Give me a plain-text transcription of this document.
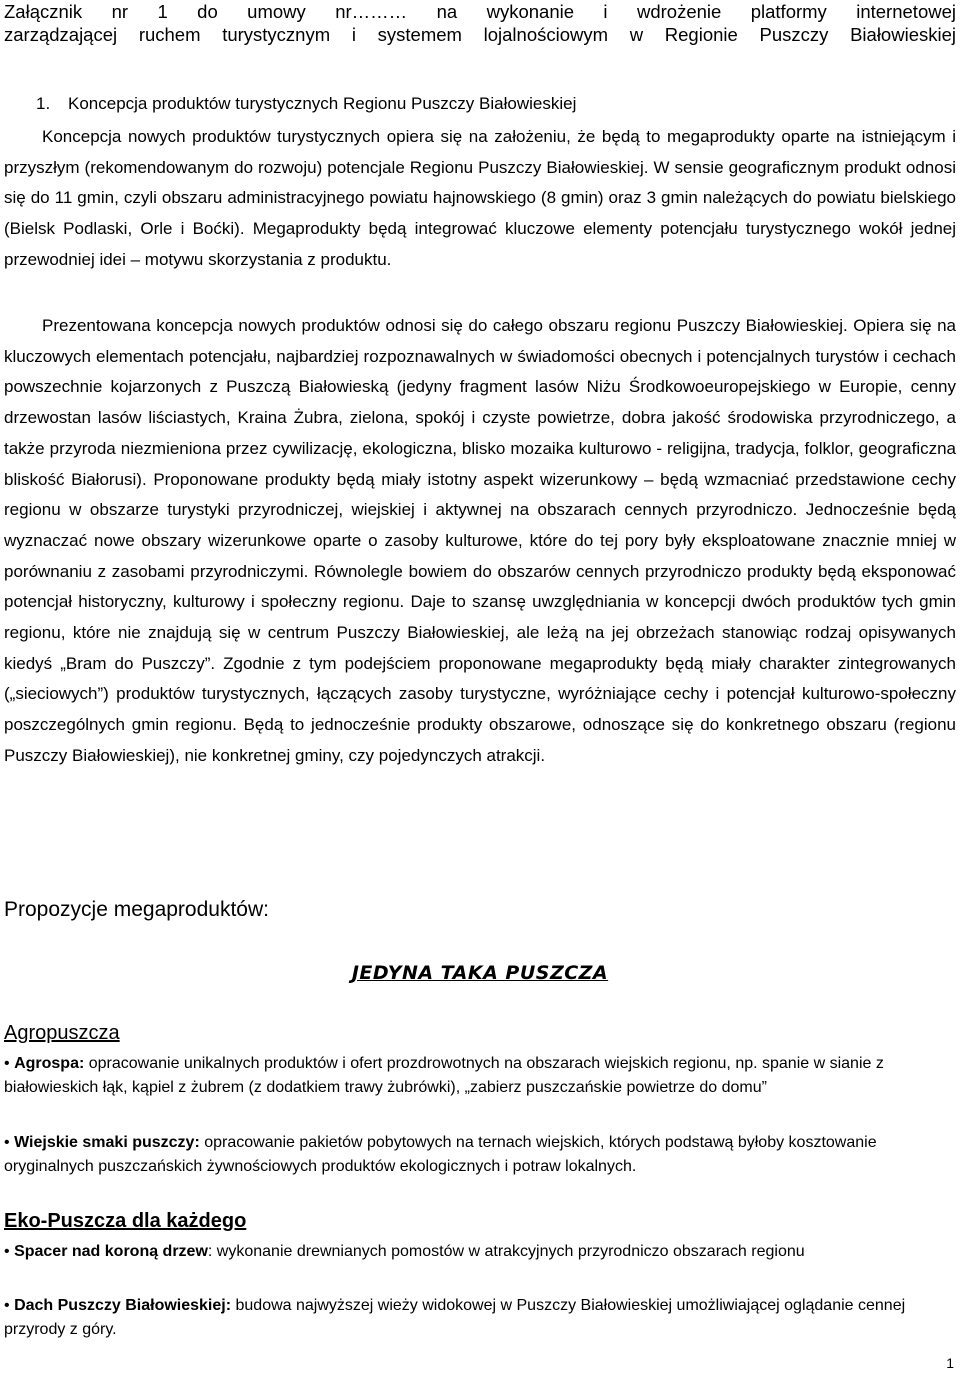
Załącznik nr 1 do umowy nr……… na wykonanie i wdrożenie platformy internetowej
zarządzającej ruchem turystycznym i systemem lojalnościowym w Regionie Puszczy Białowieskiej
1. Koncepcja produktów turystycznych Regionu Puszczy Białowieskiej
Koncepcja nowych produktów turystycznych opiera się na założeniu, że będą to megaprodukty oparte na istniejącym i przyszłym (rekomendowanym do rozwoju) potencjale Regionu Puszczy Białowieskiej. W sensie geograficznym produkt odnosi się do 11 gmin, czyli obszaru administracyjnego powiatu hajnowskiego (8 gmin) oraz 3 gmin należących do powiatu bielskiego (Bielsk Podlaski, Orle i Boćki). Megaprodukty będą integrować kluczowe elementy potencjału turystycznego wokół jednej przewodniej idei – motywu skorzystania z produktu.
Prezentowana koncepcja nowych produktów odnosi się do całego obszaru regionu Puszczy Białowieskiej. Opiera się na kluczowych elementach potencjału, najbardziej rozpoznawalnych w świadomości obecnych i potencjalnych turystów i cechach powszechnie kojarzonych z Puszczą Białowieską (jedyny fragment lasów Niżu Środkowoeuropejskiego w Europie, cenny drzewostan lasów liściastych, Kraina Żubra, zielona, spokój i czyste powietrze, dobra jakość środowiska przyrodniczego, a także przyroda niezmieniona przez cywilizację, ekologiczna, blisko mozaika kulturowo - religijna, tradycja, folklor, geograficzna bliskość Białorusi). Proponowane produkty będą miały istotny aspekt wizerunkowy – będą wzmacniać przedstawione cechy regionu w obszarze turystyki przyrodniczej, wiejskiej i aktywnej na obszarach cennych przyrodniczo. Jednocześnie będą wyznaczać nowe obszary wizerunkowe oparte o zasoby kulturowe, które do tej pory były eksploatowane znacznie mniej w porównaniu z zasobami przyrodniczymi. Równolegle bowiem do obszarów cennych przyrodniczo produkty będą eksponować potencjał historyczny, kulturowy i społeczny regionu. Daje to szansę uwzględniania w koncepcji dwóch produktów tych gmin regionu, które nie znajdują się w centrum Puszczy Białowieskiej, ale leżą na jej obrzeżach stanowiąc rodzaj opisywanych kiedyś „Bram do Puszczy”. Zgodnie z tym podejściem proponowane megaprodukty będą miały charakter zintegrowanych („sieciowych”) produktów turystycznych, łączących zasoby turystyczne, wyróżniające cechy i potencjał kulturowo-społeczny poszczególnych gmin regionu. Będą to jednocześnie produkty obszarowe, odnoszące się do konkretnego obszaru (regionu Puszczy Białowieskiej), nie konkretnej gminy, czy pojedynczych atrakcji.
Propozycje megaproduktów:
JEDYNA TAKA PUSZCZA
Agropuszcza
• Agrospa: opracowanie unikalnych produktów i ofert prozdrowotnych na obszarach wiejskich regionu, np. spanie w sianie z białowieskich łąk, kąpiel z żubrem (z dodatkiem trawy żubrówki), „zabierz puszczańskie powietrze do domu”
• Wiejskie smaki puszczy: opracowanie pakietów pobytowych na ternach wiejskich, których podstawą byłoby kosztowanie oryginalnych puszczańskich żywnościowych produktów ekologicznych i potraw lokalnych.
Eko-Puszcza dla każdego
• Spacer nad koroną drzew: wykonanie drewnianych pomostów w atrakcyjnych przyrodniczo obszarach regionu
• Dach Puszczy Białowieskiej: budowa najwyższej wieży widokowej w Puszczy Białowieskiej umożliwiającej oglądanie cennej przyrody z góry.
1
